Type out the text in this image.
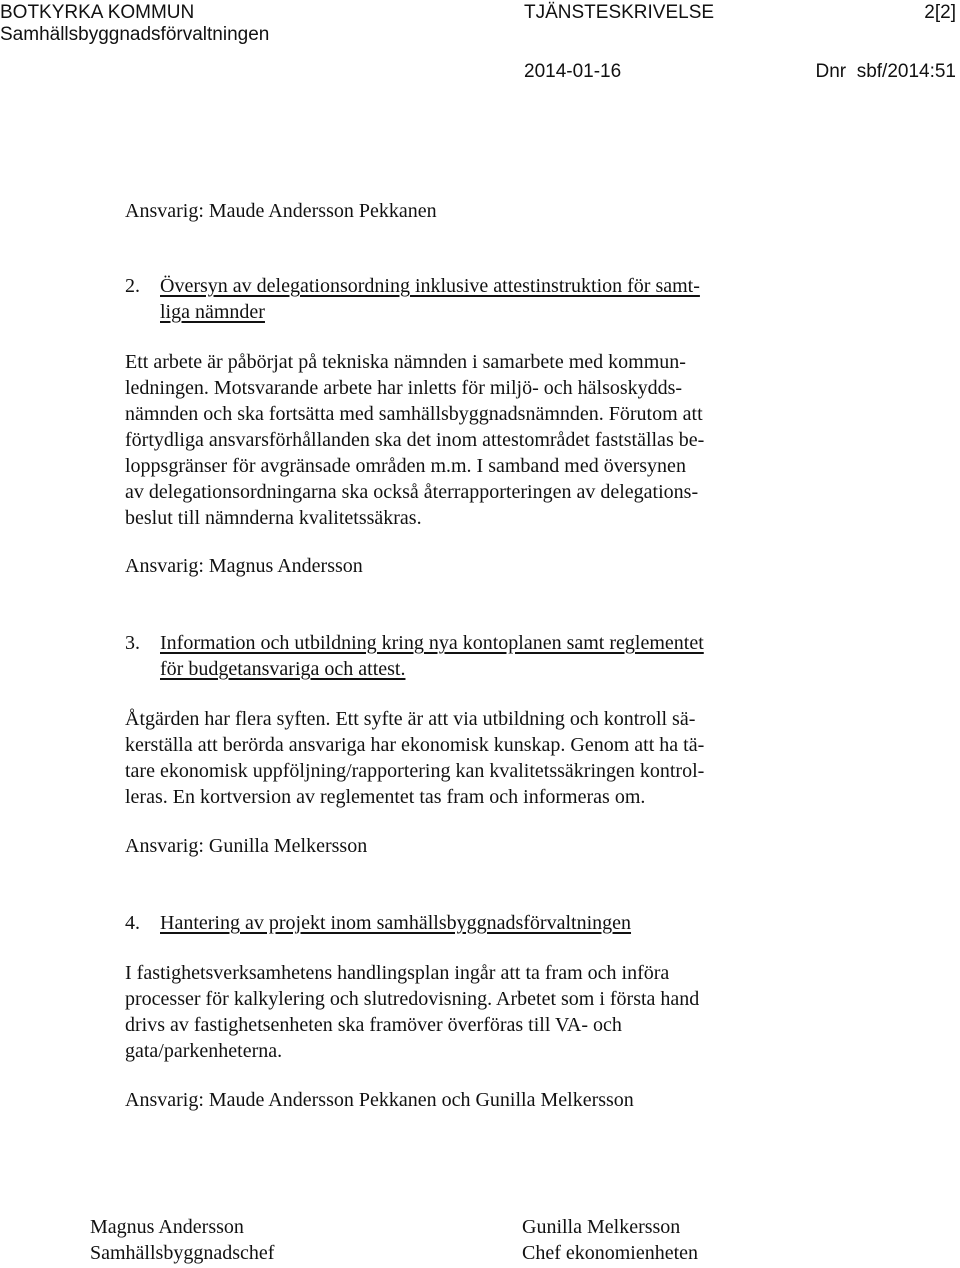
BOTKYRKA KOMMUN
Samhällsbyggnadsförvaltningen
TJÄNSTESKRIVELSE	2[2]
2014-01-16	Dnr  sbf/2014:51
Ansvarig: Maude Andersson Pekkanen
2. Översyn av delegationsordning inklusive attestinstruktion för samt-
liga nämnder
Ett arbete är påbörjat på tekniska nämnden i samarbete med kommun-
ledningen. Motsvarande arbete har inletts för miljö- och hälsoskydds-
nämnden och ska fortsätta med samhällsbyggnadsnämnden. Förutom att
förtydliga ansvarsförhållanden ska det inom attestområdet fastställas be-
loppsgränser för avgränsade områden m.m. I samband med översynen
av delegationsordningarna ska också återrapporteringen av delegations-
beslut till nämnderna kvalitetssäkras.
Ansvarig: Magnus Andersson
3. Information och utbildning kring nya kontoplanen samt reglementet
för budgetansvariga och attest.
Åtgärden har flera syften. Ett syfte är att via utbildning och kontroll sä-
kerställa att berörda ansvariga har ekonomisk kunskap. Genom att ha tä-
tare ekonomisk uppföljning/rapportering kan kvalitetssäkringen kontrol-
leras. En kortversion av reglementet tas fram och informeras om.
Ansvarig: Gunilla Melkersson
4. Hantering av projekt inom samhällsbyggnadsförvaltningen
I fastighetsverksamhetens handlingsplan ingår att ta fram och införa
processer för kalkylering och slutredovisning. Arbetet som i första hand
drivs av fastighetsenheten ska framöver överföras till VA- och
gata/parkenheterna.
Ansvarig: Maude Andersson Pekkanen och Gunilla Melkersson
Magnus Andersson
Samhällsbyggnadschef
Gunilla Melkersson
Chef ekonomienheten
